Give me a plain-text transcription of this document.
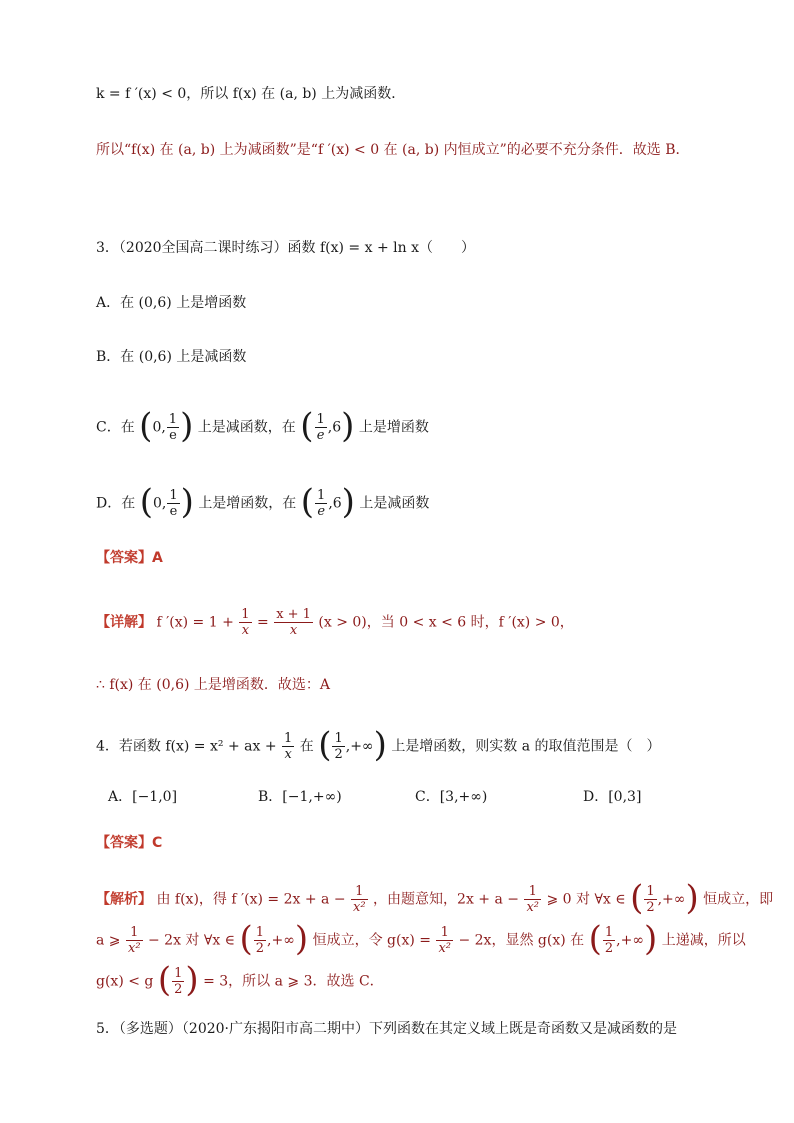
k = f ′(x) < 0，所以 f(x) 在 (a, b) 上为减函数．
所以“f(x) 在 (a, b) 上为减函数”是“f ′(x) < 0 在 (a, b) 内恒成立”的必要不充分条件．故选 B．
3．（2020全国高二课时练习）函数 f(x) = x + ln x（　　）
A．在 (0,6) 上是增函数
B．在 (0,6) 上是减函数
C．在 (0, $\frac{1}{e}$ ) 上是减函数，在 ( $\frac{1}{e} ,6$) 上是增函数
D．在 (0, $\frac{1}{e}$ ) 上是增函数，在 ( $\frac{1}{e} ,6$) 上是减函数
【答案】A
【详解】 f $'(x) = 1 + \frac{1}{x} = \frac{x + 1}{x} (x > 0)$，当 0 < x < 6 时，f ′(x) > 0，
∴ f(x) 在 (0,6) 上是增函数．故选：A
4．若函数 f(x) = x² + ax + $\frac{1}{x}$ 在 ( $\frac{1}{2}$ ,+∞) 上是增函数，则实数 a 的取值范围是（　）
A．[−1,0]	B．[−1,+∞)	C．[3,+∞)	D．[0,3]
【答案】C
【解析】 由 f(x)，得 f $'(x) = 2x + a - \frac{1}{\text{x²}}$ ，由题意知，$2x + a - \frac{1}{\text{x²}}$ ⩾ 0 对 ∀x ∈ ( $\frac{1}{2}$ ,+∞) 恒成立，即
a ⩾ $\frac{1}{\text{x²}} - 2x$ 对 ∀x ∈ ( $\frac{1}{2}$ ,+∞) 恒成立，令 $g(x) = \frac{1}{\text{x²}} - 2x$，显然 g(x) 在 ( $\frac{1}{2}$ ,+∞) 上递减，所以
g(x) < g ( $\frac{1}{2}$ ) = 3，所以 a ⩾ 3．故选 C．
5．（多选题）（2020·广东揭阳市高二期中）下列函数在其定义域上既是奇函数又是减函数的是
